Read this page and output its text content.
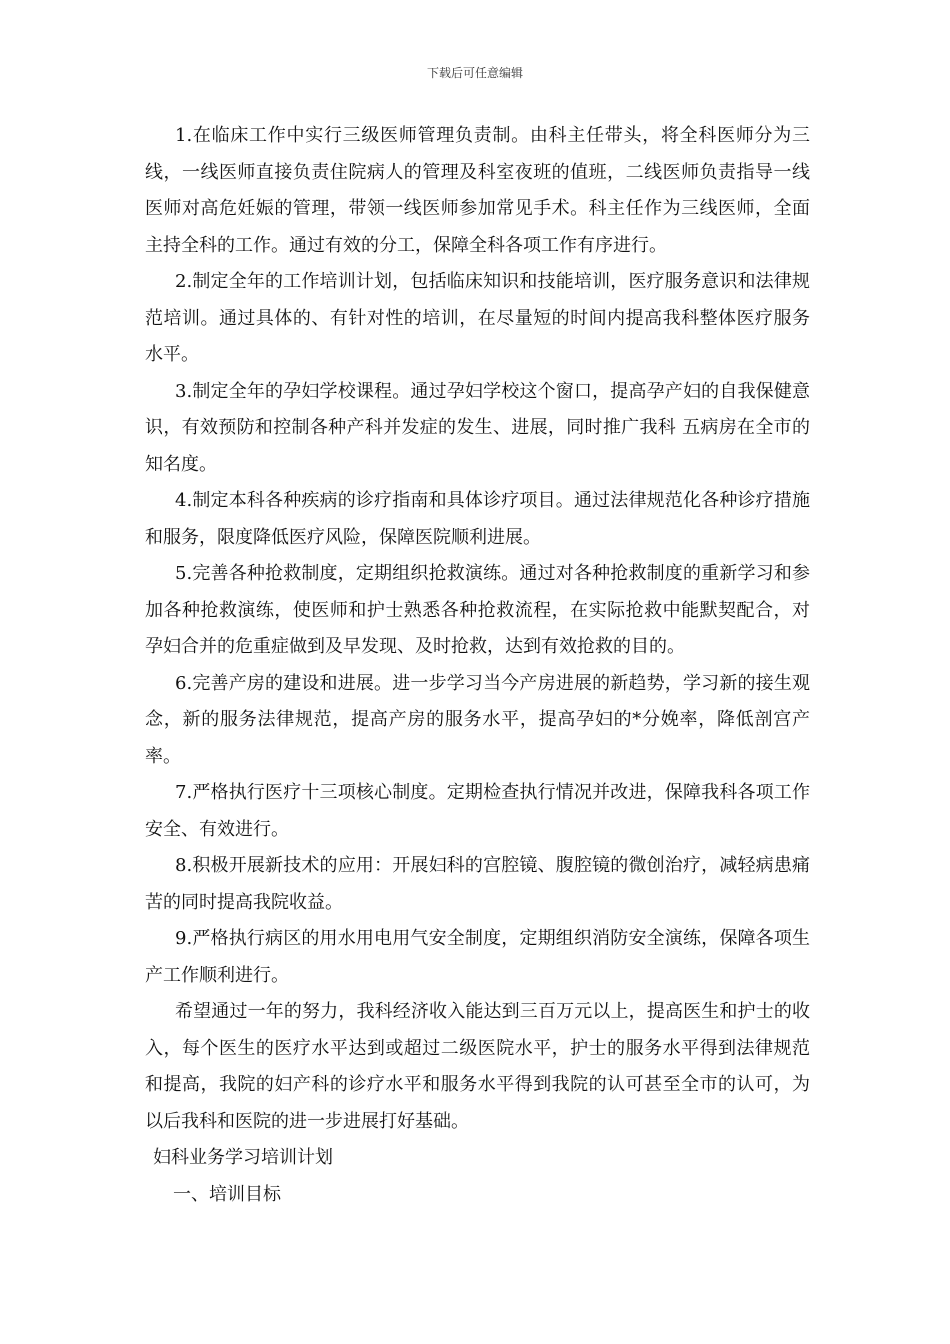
下载后可任意编辑

1.在临床工作中实行三级医师管理负责制。由科主任带头，将全科医师分为三线，一线医师直接负责住院病人的管理及科室夜班的值班，二线医师负责指导一线医师对高危妊娠的管理，带领一线医师参加常见手术。科主任作为三线医师，全面主持全科的工作。通过有效的分工，保障全科各项工作有序进行。

2.制定全年的工作培训计划，包括临床知识和技能培训，医疗服务意识和法律规范培训。通过具体的、有针对性的培训，在尽量短的时间内提高我科整体医疗服务水平。

3.制定全年的孕妇学校课程。通过孕妇学校这个窗口，提高孕产妇的自我保健意识，有效预防和控制各种产科并发症的发生、进展，同时推广我科 五病房在全市的知名度。

4.制定本科各种疾病的诊疗指南和具体诊疗项目。通过法律规范化各种诊疗措施和服务，限度降低医疗风险，保障医院顺利进展。

5.完善各种抢救制度，定期组织抢救演练。通过对各种抢救制度的重新学习和参加各种抢救演练，使医师和护士熟悉各种抢救流程，在实际抢救中能默契配合，对孕妇合并的危重症做到及早发现、及时抢救，达到有效抢救的目的。

6.完善产房的建设和进展。进一步学习当今产房进展的新趋势，学习新的接生观念，新的服务法律规范，提高产房的服务水平，提高孕妇的*分娩率，降低剖宫产率。

7.严格执行医疗十三项核心制度。定期检查执行情况并改进，保障我科各项工作安全、有效进行。

8.积极开展新技术的应用：开展妇科的宫腔镜、腹腔镜的微创治疗，减轻病患痛苦的同时提高我院收益。

9.严格执行病区的用水用电用气安全制度，定期组织消防安全演练，保障各项生产工作顺利进行。

希望通过一年的努力，我科经济收入能达到三百万元以上，提高医生和护士的收入，每个医生的医疗水平达到或超过二级医院水平，护士的服务水平得到法律规范和提高，我院的妇产科的诊疗水平和服务水平得到我院的认可甚至全市的认可，为以后我科和医院的进一步进展打好基础。

妇科业务学习培训计划

一、培训目标
